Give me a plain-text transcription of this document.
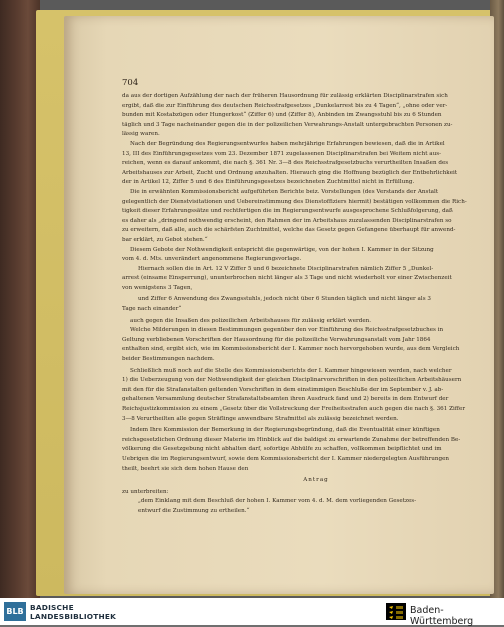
704
da aus der dortigen Aufzählung der nach der früheren Hausordnung für zulässig erklärten Disciplinarstrafen sich
ergibt, daß die zur Einführung des deutschen Reichsstrafgesetzes „Dunkelarrest bis zu 4 Tagen“, „ohne oder ver-
bunden mit Kostabzügen oder Hungerkost“ (Ziffer 6) und (Ziffer 8), Anbinden im Zwangsstuhl bis zu 6 Stunden
täglich und 3 Tage nacheinander gegen die in der polizeilichen Verwahrungs-Anstalt untergebrachten Personen zu-
lässig waren.
Nach der Begründung des Regierungsentwurfes haben mehrjährige Erfahrungen bewiesen, daß die in Artikel
13, III des Einführungsgesetzes vom 23. Dezember 1871 zugelassenen Disciplinarstrafen bei Weitem nicht aus-
reichen, wenn es darauf ankommt, die nach §. 361 Nr. 3—8 des Reichsstrafgesetzbuchs verurtheilten Insaßen des
Arbeitshauses zur Arbeit, Zucht und Ordnung anzuhalten. Hierauch ging die Hoffnung bezüglich der Entbehrlichkeit
der in Artikel 12, Ziffer 5 und 6 des Einführungsgesetzes bezeichneten Zuchtmittel nicht in Erfüllung.
Die in erwähnten Kommissionsbericht aufgeführten Berichte beiz. Vorstellungen (des Verstands der Anstalt
gelegentlich der Dienstvisitationen und Uebereinstimmung des Dienstoffiziers hiermit) bestätigen vollkommen die Rich-
tigkeit dieser Erfahrungssätze und rechtfertigen die im Regierungsentwurfe ausgesprochene Schlußfolgerung, daß
es daher als „dringend nothwendig erscheint, den Rahmen der im Arbeitshaus zuzulassenden Disciplinarstrafen so
zu erweitern, daß alle, auch die schärfsten Zuchtmittel, welche das Gesetz gegen Gefangene überhaupt für anwend-
bar erklärt, zu Gebot stehen.“
Diesem Gebote der Nothwendigkeit entspricht die gegenwärtige, von der hohen I. Kammer in der Sitzung
vom 4. d. Mts. unverändert angenommene Regierungsvorlage.
Hiernach sollen die in Art. 12 V Ziffer 5 und 6 bezeichnete Disciplinarstrafen nämlich Ziffer 5 „Dunkel-
arrest (einsame Einsperrung), ununterbrochen nicht länger als 3 Tage und nicht wiederholt vor einer Zwischenzeit
von wenigstens 3 Tagen,
und Ziffer 6 Anwendung des Zwangsstuhls, jedoch nicht über 6 Stunden täglich und nicht länger als 3
Tage nach einander“
auch gegen die Insaßen des polizeilichen Arbeitshauses für zulässig erklärt werden.
Welche Milderungen in diesen Bestimmungen gegenüber den vor Einführung des Reichsstrafgesetzbuches in
Geltung verbliebenen Vorschriften der Hausordnung für die polizeiliche Verwahrungsanstalt vom Jahr 1864
enthalten sind, ergibt sich, wie im Kommissionsbericht der I. Kammer noch hervorgehoben wurde, aus dem Vergleich
beider Bestimmungen nachdem.
Schließlich muß noch auf die Stelle des Kommissionsberichts der I. Kammer hingewiesen werden, nach welcher
1) die Ueberzeugung von der Nothwendigkeit der gleichen Disciplinarvorschriften in den polizeilichen Arbeitshäusern
mit den für die Strafanstalten geltenden Vorschriften in dem einstimmigen Beschluße der im September v. J. ab-
gehaltenen Versammlung deutscher Strafanstaltsbeamten ihren Ausdruck fand und 2) bereits in dem Entwurf der
Reichsjustizkommission zu einem „Gesetz über die Vollstreckung der Freiheitsstrafen auch gegen die nach §. 361 Ziffer
3—8 Verurtheilten alle gegen Sträflinge anwendbare Strafmittel als zulässig bezeichnet werden.
Indem Ihre Kommission der Bemerkung in der Regierungsbegründung, daß die Eventualität einer künftigen
reichsgesetzlichen Ordnung dieser Materie im Hinblick auf die baldigst zu erwartende Zunahme der betreffenden Be-
völkerung die Gesetzgebung nicht abhalten darf, sofortige Abhülfe zu schaffen, vollkommen beipflichtet und im
Uebrigen die im Regierungsentwurf, sowie dem Kommissionsbericht der I. Kammer niedergelegten Ausführungen
theilt, beehrt sie sich dem hohen Hause den
Antrag
zu unterbreiten:
„dem Einklang mit dem Beschluß der hohen I. Kammer vom 4. d. M. dem vorliegenden Gesetzes-
entwurf die Zustimmung zu ertheilen.“
BLB BADISCHE
LANDESBIBLIOTHEK
Baden-Württemberg
